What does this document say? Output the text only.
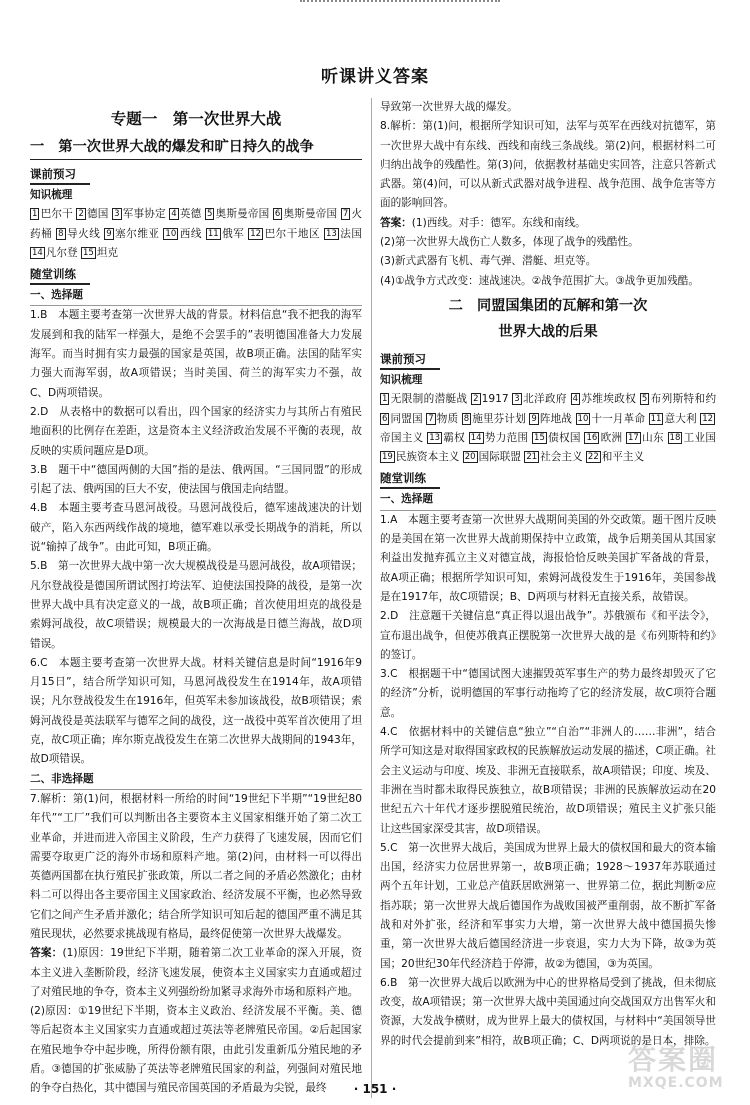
听课讲义答案
专题一　第一次世界大战
一　第一次世界大战的爆发和旷日持久的战争
课前预习
知识梳理
1 巴尔干 2 德国 3 军事协定 4 英德 5 奥斯曼帝国 6 奥斯曼帝国 7 火药桶 8 导火线 9 塞尔维亚 10 西线 11 俄军 12 巴尔干地区 13 法国 14 凡尔登 15 坦克
随堂训练
一、选择题

1.B　本题主要考查第一次世界大战的背景。材料信息“我不把我的海军发展到和我的陆军一样强大，是绝不会罢手的”表明德国准备大力发展海军。而当时拥有实力最强的国家是英国，故B项正确。法国的陆军实力强大而海军弱，故A项错误；当时美国、荷兰的海军实力不强，故C、D两项错误。

2.D　从表格中的数据可以看出，四个国家的经济实力与其所占有殖民地面积的比例存在差距，这是资本主义经济政治发展不平衡的表现，故反映的实质问题应是D项。

3.B　题干中“德国两侧的大国”指的是法、俄两国。“三国同盟”的形成引起了法、俄两国的巨大不安，使法国与俄国走向结盟。

4.B　本题主要考查马恩河战役。马恩河战役后，德军速战速决的计划破产，陷入东西两线作战的境地，德军难以承受长期战争的消耗，所以说“输掉了战争”。由此可知，B项正确。

5.B　第一次世界大战中第一次大规模战役是马恩河战役，故A项错误；凡尔登战役是德国所谓试图打垮法军、迫使法国投降的战役，是第一次世界大战中具有决定意义的一战，故B项正确；首次使用坦克的战役是索姆河战役，故C项错误；规模最大的一次海战是日德兰海战，故D项错误。

6.C　本题主要考查第一次世界大战。材料关键信息是时间“1916年9月15日”，结合所学知识可知，马恩河战役发生在1914年，故A项错误；凡尔登战役发生在1916年，但英军未参加该战役，故B项错误；索姆河战役是英法联军与德军之间的战役，这一战役中英军首次使用了坦克，故C项正确；库尔斯克战役发生在第二次世界大战期间的1943年，故D项错误。

二、非选择题

7.解析：第(1)问，根据材料一所给的时间“19世纪下半期”“19世纪80年代”“工厂”我们可以判断出各主要资本主义国家相继开始了第二次工业革命，并进而进入帝国主义阶段，生产力获得了飞速发展，因而它们需要夺取更广泛的海外市场和原料产地。第(2)问，由材料一可以得出英德两国都在执行殖民扩张政策，所以二者之间的矛盾必然激化；由材料二可以得出各主要帝国主义国家政治、经济发展不平衡，也必然导致它们之间产生矛盾并激化；结合所学知识可知后起的德国严重不满足其殖民现状，必然要求挑战现有格局，最终促使第一次世界大战爆发。

答案：(1)原因：19世纪下半期，随着第二次工业革命的深入开展，资本主义进入垄断阶段，经济飞速发展，使资本主义国家实力直通或超过了对殖民地的争夺，资本主义列强纷纷加紧寻求海外市场和原料产地。

(2)原因：①19世纪下半期，资本主义政治、经济发展不平衡。美、德等后起资本主义国家实力直通或超过英法等老牌殖民帝国。②后起国家在殖民地争夺中起步晚，所得份额有限，由此引发重新瓜分殖民地的矛盾。③德国的扩张威胁了英法等老牌殖民国家的利益，列强间对殖民地的争夺白热化，其中德国与殖民帝国英国的矛盾最为尖锐，最终

导致第一次世界大战的爆发。

8.解析：第(1)问，根据所学知识可知，法军与英军在西线对抗德军，第一次世界大战中有东线、西线和南线三条战线。第(2)问，根据材料二可归纳出战争的残酷性。第(3)问，依据教材基础史实回答，注意只答新式武器。第(4)问，可以从新式武器对战争进程、战争范围、战争危害等方面的影响回答。

答案：(1)西线。对手：德军。东线和南线。

(2)第一次世界大战伤亡人数多，体现了战争的残酷性。

(3)新式武器有飞机、毒气弹、潜艇、坦克等。

(4)①战争方式改变：速战速决。②战争范围扩大。③战争更加残酷。

二　同盟国集团的瓦解和第一次
世界大战的后果
课前预习
知识梳理
1 无限制的潜艇战 2 1917 3 北洋政府 4 苏维埃政权 5 布列斯特和约 6 同盟国 7 物质 8 施里芬计划 9 阵地战 10 十一月革命 11 意大利 12帝国主义 13 霸权 14 势力范围 15 债权国 16 欧洲 17 山东 18 工业国 19 民族资本主义 20 国际联盟 21 社会主义 22 和平主义
随堂训练
一、选择题

1.A　本题主要考查第一次世界大战期间美国的外交政策。题干图片反映的是美国在第一次世界大战前期保持中立政策，战争后期美国从其国家利益出发抛弃孤立主义对德宣战，海报恰恰反映美国扩军备战的背景，故A项正确；根据所学知识可知，索姆河战役发生于1916年，美国参战是在1917年，故C项错误；B、D两项与材料无直接关系，故错误。

2.D　注意题干关键信息“真正得以退出战争”。苏俄颁布《和平法令》，宣布退出战争，但使苏俄真正摆脱第一次世界大战的是《布列斯特和约》的签订。

3.C　根据题干中“德国试图大速摧毁英军事生产的势力最终却毁灭了它的经济”分析，说明德国的军事行动拖垮了它的经济发展，故C项符合题意。

4.C　依据材料中的关键信息“独立”“自治”“非洲人的……非洲”，结合所学可知这是对取得国家政权的民族解放运动发展的描述，C项正确。社会主义运动与印度、埃及、非洲无直接联系，故A项错误；印度、埃及、非洲在当时都未取得民族独立，故B项错误；非洲的民族解放运动在20世纪五六十年代才逐步摆脱殖民统治，故D项错误；殖民主义扩张只能让这些国家深受其害，故D项错误。

5.C　第一次世界大战后，美国成为世界上最大的债权国和最大的资本输出国，经济实力位居世界第一，故B项正确；1928～1937年苏联通过两个五年计划，工业总产值跃居欧洲第一、世界第二位，据此判断②应指苏联；第一次世界大战后德国作为战败国被严重削弱，故不断扩军备战和对外扩张，经济和军事实力大增，第一次世界大战中德国损失惨重，第一次世界大战后德国经济进一步衰退，实力大为下降，故③为英国；20世纪30年代经济趋于停滞，故②为德国，③为英国。

6.B　第一次世界大战后以欧洲为中心的世界格局受到了挑战，但未彻底改变，故A项错误；第一次世界大战中美国通过向交战国双方出售军火和资源，大发战争横财，成为世界上最大的债权国，与材料中“美国领导世界的时代会提前到来”相符，故B项正确；C、D两项说的是日本，排除。

· 151 ·
答案圈
MXQE.COM
